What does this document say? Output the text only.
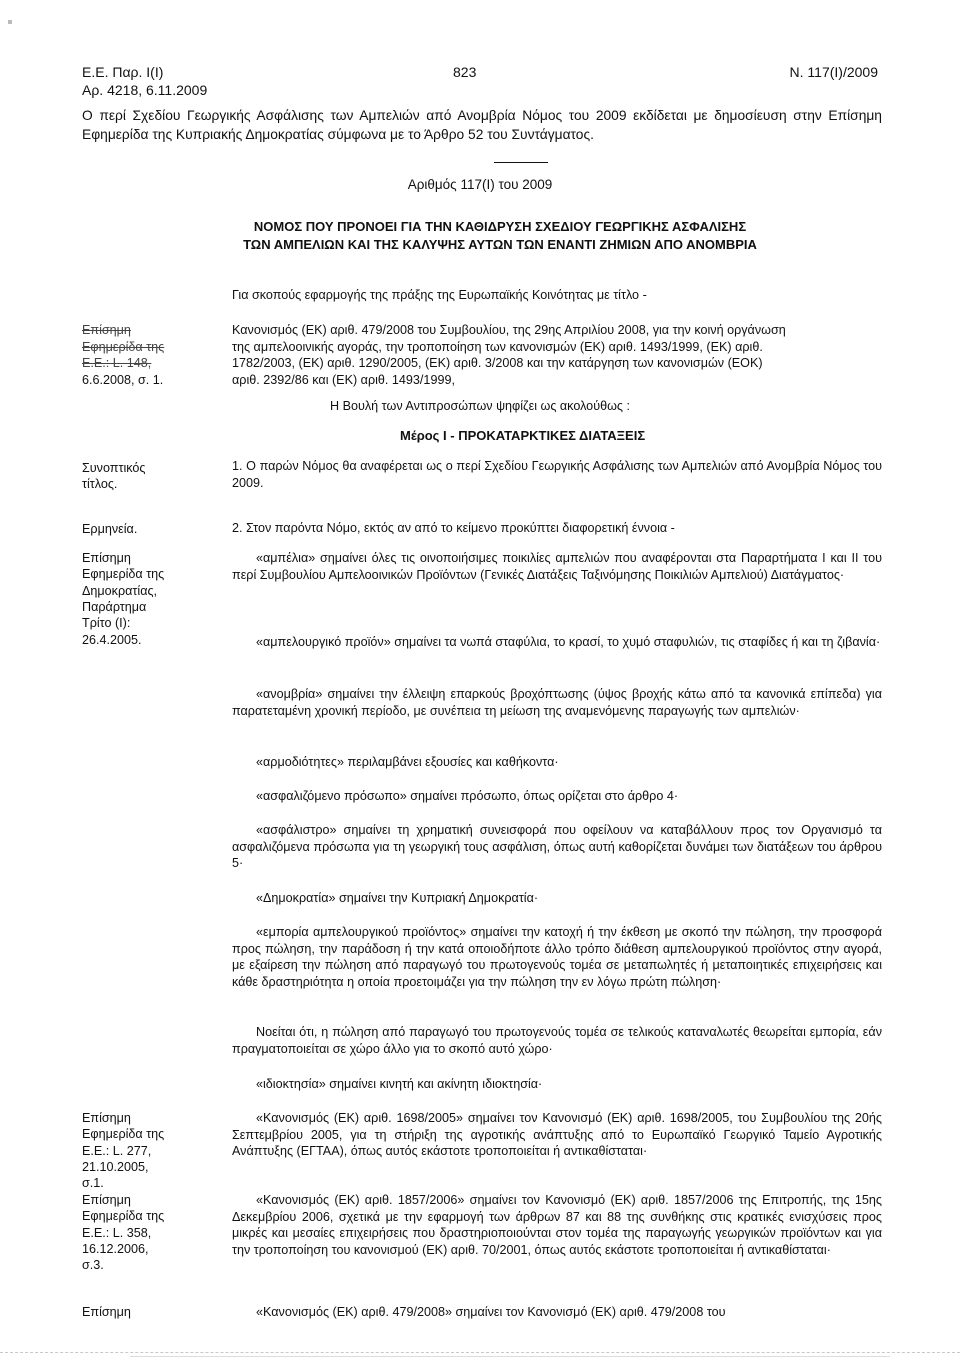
Ε.Ε. Παρ. Ι(Ι)
Αρ. 4218, 6.11.2009
823	Ν. 117(Ι)/2009
Ο περί Σχεδίου Γεωργικής Ασφάλισης των Αμπελιών από Ανομβρία Νόμος του 2009 εκδίδεται με δημοσίευση στην Επίσημη Εφημερίδα της Κυπριακής Δημοκρατίας σύμφωνα με το Άρθρο 52 του Συντάγματος.
Αριθμός 117(Ι) του 2009
ΝΟΜΟΣ ΠΟΥ ΠΡΟΝΟΕΙ ΓΙΑ ΤΗΝ ΚΑΘΙΔΡΥΣΗ ΣΧΕΔΙΟΥ ΓΕΩΡΓΙΚΗΣ ΑΣΦΑΛΙΣΗΣ ΤΩΝ ΑΜΠΕΛΙΩΝ ΚΑΙ ΤΗΣ ΚΑΛΥΨΗΣ ΑΥΤΩΝ ΤΩΝ ΕΝΑΝΤΙ ΖΗΜΙΩΝ ΑΠΟ ΑΝΟΜΒΡΙΑ
Για σκοπούς εφαρμογής της πράξης της Ευρωπαϊκής Κοινότητας με τίτλο -
Επίσημη
Εφημερίδα της
Ε.Ε.: L. 148,
6.6.2008, σ. 1.
Κανονισμός (ΕΚ) αριθ. 479/2008 του Συμβουλίου, της 29ης Απριλίου 2008, για την κοινή οργάνωση
της αμπελοοινικής αγοράς, την τροποποίηση των κανονισμών (ΕΚ) αριθ. 1493/1999, (ΕΚ) αριθ.
1782/2003, (ΕΚ) αριθ. 1290/2005, (ΕΚ) αριθ. 3/2008 και την κατάργηση των κανονισμών (ΕΟΚ)
αριθ. 2392/86 και (ΕΚ) αριθ. 1493/1999,
Η Βουλή των Αντιπροσώπων ψηφίζει ως ακολούθως :
Μέρος Ι - ΠΡΟΚΑΤΑΡΚΤΙΚΕΣ ΔΙΑΤΑΞΕΙΣ
Συνοπτικός
τίτλος.
1. Ο παρών Νόμος θα αναφέρεται ως ο περί Σχεδίου Γεωργικής Ασφάλισης των Αμπελιών από Ανομβρία Νόμος του 2009.
Ερμηνεία.	2. Στον παρόντα Νόμο, εκτός αν από το κείμενο προκύπτει διαφορετική έννοια -
Επίσημη
Εφημερίδα της
Δημοκρατίας,
Παράρτημα
Τρίτο (Ι):
26.4.2005.
«αμπέλια» σημαίνει όλες τις οινοποιήσιμες ποικιλίες αμπελιών που αναφέρονται στα Παραρτήματα Ι και ΙΙ του περί Συμβουλίου Αμπελοοινικών Προϊόντων (Γενικές Διατάξεις Ταξινόμησης Ποικιλιών Αμπελιού) Διατάγματος·
«αμπελουργικό προϊόν» σημαίνει τα νωπά σταφύλια, το κρασί, το χυμό σταφυλιών, τις σταφίδες ή και τη ζιβανία·
«ανομβρία» σημαίνει την έλλειψη επαρκούς βροχόπτωσης (ύψος βροχής κάτω από τα κανονικά επίπεδα) για παρατεταμένη χρονική περίοδο, με συνέπεια τη μείωση της αναμενόμενης παραγωγής των αμπελιών·
«αρμοδιότητες» περιλαμβάνει εξουσίες και καθήκοντα·
«ασφαλιζόμενο πρόσωπο» σημαίνει πρόσωπο, όπως ορίζεται στο άρθρο 4·
«ασφάλιστρο» σημαίνει τη χρηματική συνεισφορά που οφείλουν να καταβάλλουν προς τον Οργανισμό τα ασφαλιζόμενα πρόσωπα για τη γεωργική τους ασφάλιση, όπως αυτή καθορίζεται δυνάμει των διατάξεων του άρθρου 5·
«Δημοκρατία» σημαίνει την Κυπριακή Δημοκρατία·
«εμπορία αμπελουργικού προϊόντος» σημαίνει την κατοχή ή την έκθεση με σκοπό την πώληση, την προσφορά προς πώληση, την παράδοση ή την κατά οποιοδήποτε άλλο τρόπο διάθεση αμπελουργικού προϊόντος στην αγορά, με εξαίρεση την πώληση από παραγωγό του πρωτογενούς τομέα σε μεταπωλητές ή μεταποιητικές επιχειρήσεις και κάθε δραστηριότητα η οποία προετοιμάζει για την πώληση την εν λόγω πρώτη πώληση·
Νοείται ότι, η πώληση από παραγωγό του πρωτογενούς τομέα σε τελικούς καταναλωτές θεωρείται εμπορία, εάν πραγματοποιείται σε χώρο άλλο για το σκοπό αυτό χώρο·
«ιδιοκτησία» σημαίνει κινητή και ακίνητη ιδιοκτησία·
Επίσημη
Εφημερίδα της
Ε.Ε.: L. 277,
21.10.2005,
σ.1.
«Κανονισμός (ΕΚ) αριθ. 1698/2005» σημαίνει τον Κανονισμό (ΕΚ) αριθ. 1698/2005, του Συμβουλίου της 20ής Σεπτεμβρίου 2005, για τη στήριξη της αγροτικής ανάπτυξης από το Ευρωπαϊκό Γεωργικό Ταμείο Αγροτικής Ανάπτυξης (ΕΓΤΑΑ), όπως αυτός εκάστοτε τροποποιείται ή αντικαθίσταται·
Επίσημη
Εφημερίδα της
Ε.Ε.: L. 358,
16.12.2006,
σ.3.
«Κανονισμός (ΕΚ) αριθ. 1857/2006» σημαίνει τον Κανονισμό (ΕΚ) αριθ. 1857/2006 της Επιτροπής, της 15ης Δεκεμβρίου 2006, σχετικά με την εφαρμογή των άρθρων 87 και 88 της συνθήκης στις κρατικές ενισχύσεις προς μικρές και μεσαίες επιχειρήσεις που δραστηριοποιούνται στον τομέα της παραγωγής γεωργικών προϊόντων και για την τροποποίηση του κανονισμού (ΕΚ) αριθ. 70/2001, όπως αυτός εκάστοτε τροποποιείται ή αντικαθίσταται·
Επίσημη	«Κανονισμός (ΕΚ) αριθ. 479/2008» σημαίνει τον Κανονισμό (ΕΚ) αριθ. 479/2008 του
